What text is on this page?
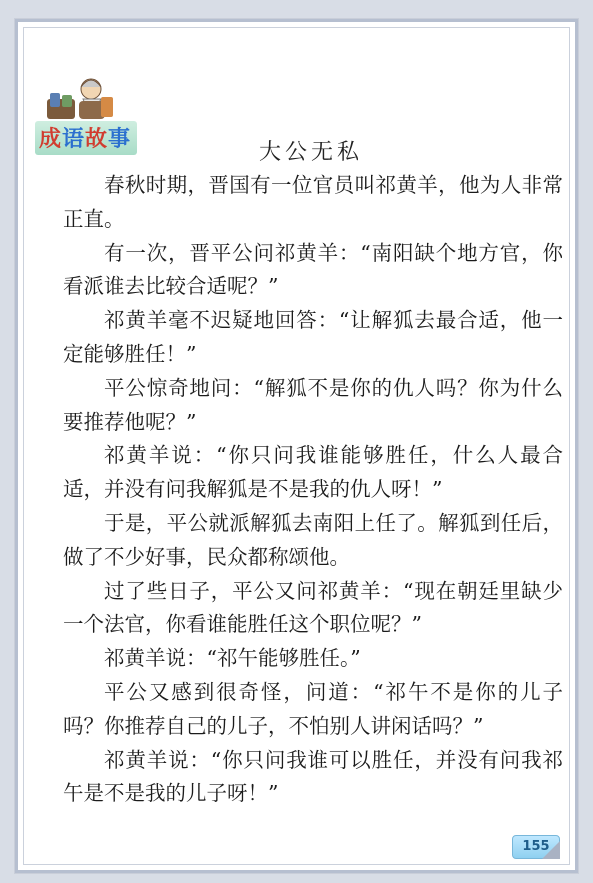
成语故事
大公无私

春秋时期，晋国有一位官员叫祁黄羊，他为人非常正直。

有一次，晋平公问祁黄羊：“南阳缺个地方官，你看派谁去比较合适呢？”

祁黄羊毫不迟疑地回答：“让解狐去最合适，他一定能够胜任！”

平公惊奇地问：“解狐不是你的仇人吗？你为什么要推荐他呢？”

祁黄羊说：“你只问我谁能够胜任，什么人最合适，并没有问我解狐是不是我的仇人呀！”

于是，平公就派解狐去南阳上任了。解狐到任后，做了不少好事，民众都称颂他。

过了些日子，平公又问祁黄羊：“现在朝廷里缺少一个法官，你看谁能胜任这个职位呢？”

祁黄羊说：“祁午能够胜任。”

平公又感到很奇怪，问道：“祁午不是你的儿子吗？你推荐自己的儿子，不怕别人讲闲话吗？”

祁黄羊说：“你只问我谁可以胜任，并没有问我祁午是不是我的儿子呀！”

155
